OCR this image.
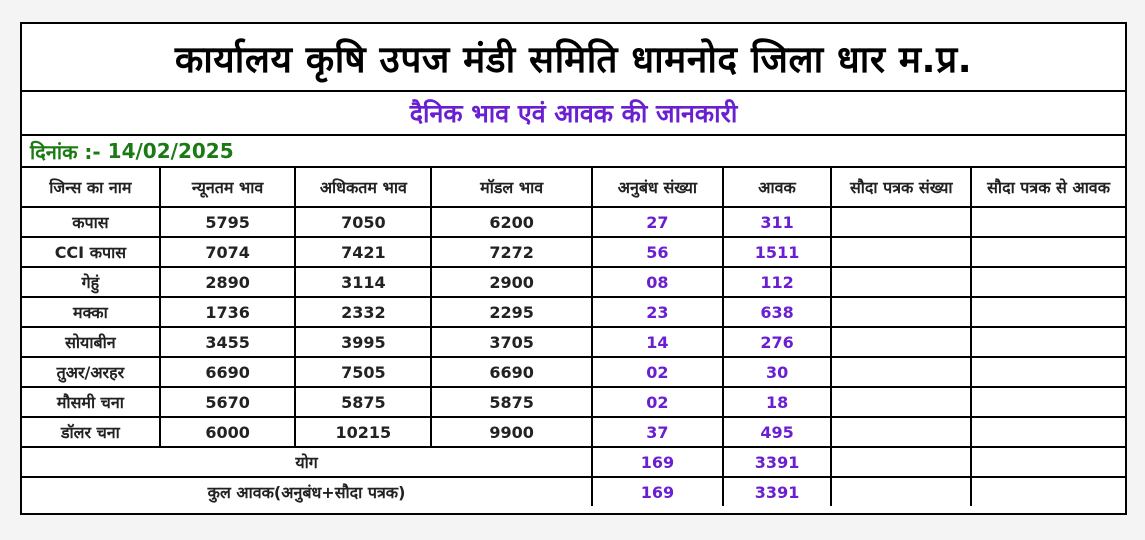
कार्यालय कृषि उपज मंडी समिति धामनोद जिला धार म.प्र.
दैनिक भाव एवं आवक की जानकारी
दिनांक :- 14/02/2025
जिन्स का नाम	न्यूनतम भाव	अधिकतम भाव	मॉडल भाव	अनुबंध संख्या	आवक	सौदा पत्रक संख्या	सौदा पत्रक से आवक
कपास	5795	7050	6200	27	311		
CCI कपास	7074	7421	7272	56	1511		
गेहुं	2890	3114	2900	08	112		
मक्का	1736	2332	2295	23	638		
सोयाबीन	3455	3995	3705	14	276		
तुअर/अरहर	6690	7505	6690	02	30		
मौसमी चना	5670	5875	5875	02	18		
डॉलर चना	6000	10215	9900	37	495		
योग				169	3391		
कुल आवक(अनुबंध+सौदा पत्रक)				169	3391		
